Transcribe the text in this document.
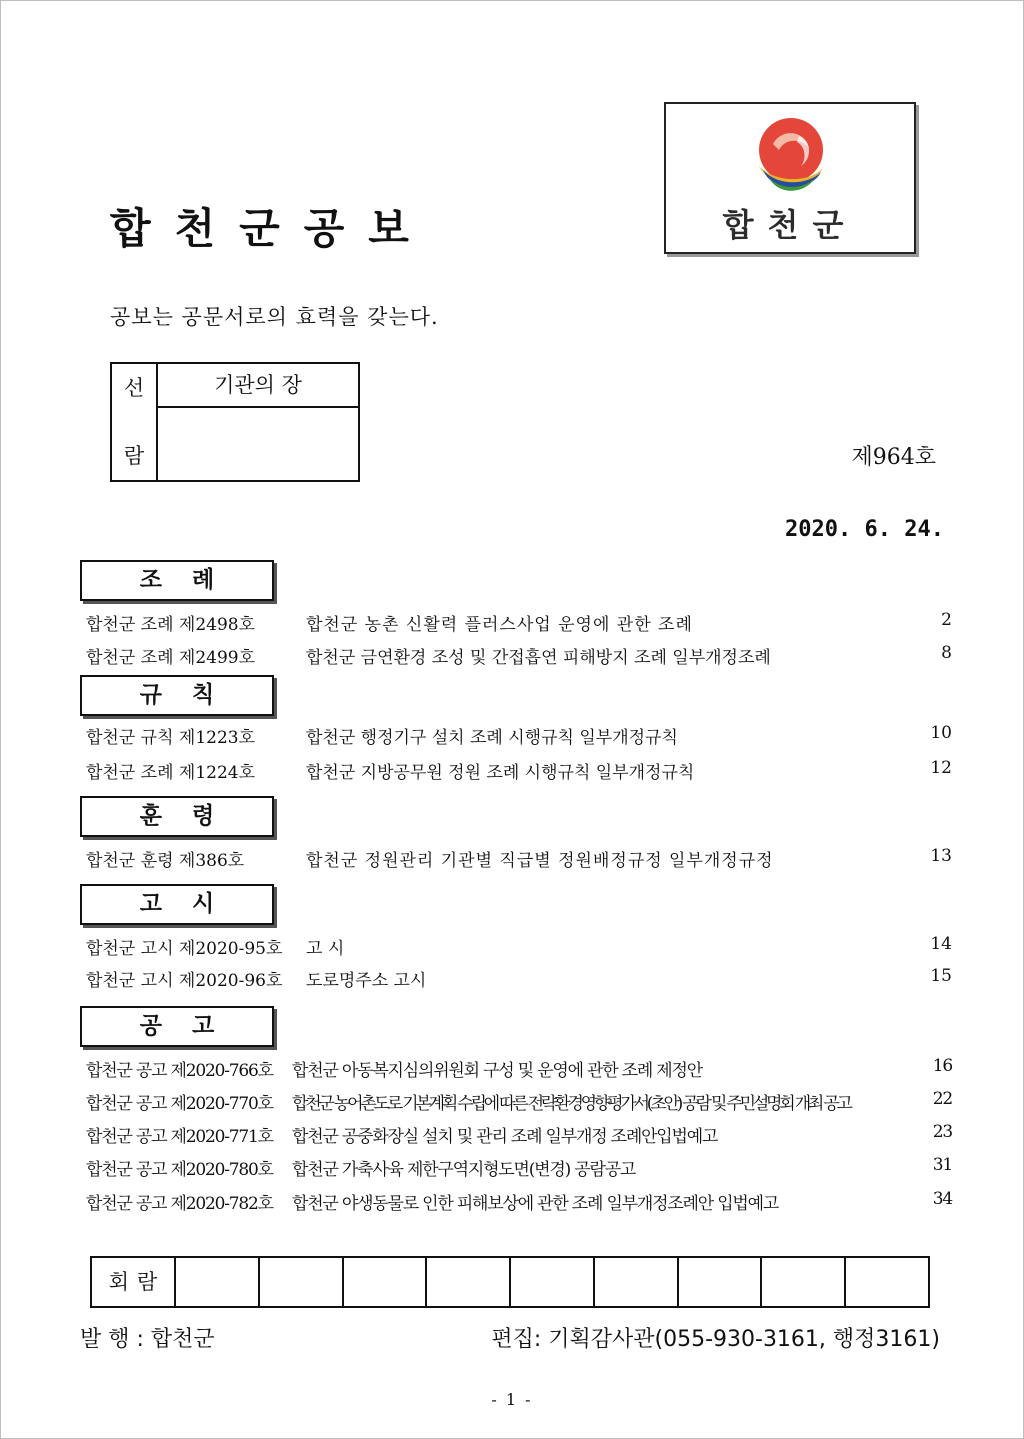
합천군공보	합천군
공보는 공문서로의 효력을 갖는다.
선
람
기관의 장
제964호
2020. 6. 24.
조례
합천군 조례 제2498호	합천군 농촌 신활력 플러스사업 운영에 관한 조례	2
합천군 조례 제2499호	합천군 금연환경 조성 및 간접흡연 피해방지 조례 일부개정조례	8
규칙
합천군 규칙 제1223호	합천군 행정기구 설치 조례 시행규칙 일부개정규칙	10
합천군 조례 제1224호	합천군 지방공무원 정원 조례 시행규칙 일부개정규칙	12
훈령
합천군 훈령 제386호	합천군 정원관리 기관별 직급별 정원배정규정 일부개정규정	13
고시
합천군 고시 제2020-95호 고 시	14
합천군 고시 제2020-96호 도로명주소 고시	15
공고
합천군 공고 제2020-766호 합천군 아동복지심의위원회 구성 및 운영에 관한 조례 제정안	16
합천군 공고 제2020-770호 합천군 농어촌도로 기본계획 수립에 따른 전략환경영향평가서(초안) 공람 및 주민설명회 개최 공고	22
합천군 공고 제2020-771호 합천군 공중화장실 설치 및 관리 조례 일부개정 조례안입법예고	23
합천군 공고 제2020-780호 합천군 가축사육 제한구역지형도면(변경) 공람공고	31
합천군 공고 제2020-782호 합천군 야생동물로 인한 피해보상에 관한 조례 일부개정조례안 입법예고	34
회람
발 행 : 합천군	편집: 기획감사관(055-930-3161, 행정3161)
- 1 -
